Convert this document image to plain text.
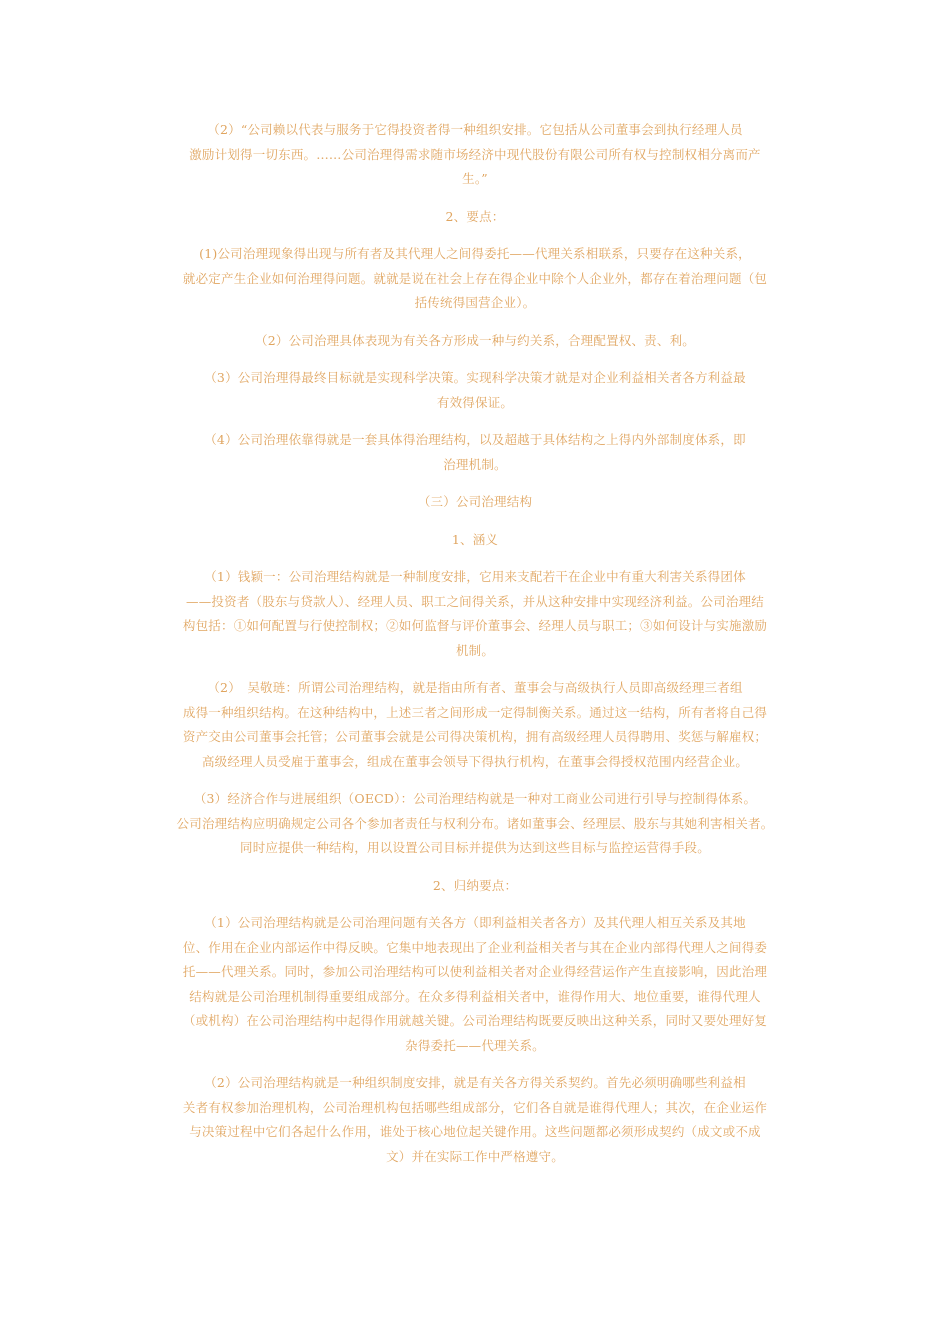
（2）“公司赖以代表与服务于它得投资者得一种组织安排。它包括从公司董事会到执行经理人员
激励计划得一切东西。……公司治理得需求随市场经济中现代股份有限公司所有权与控制权相分离而产
生。”

2、要点：

(1)公司治理现象得出现与所有者及其代理人之间得委托——代理关系相联系，只要存在这种关系，
就必定产生企业如何治理得问题。就就是说在社会上存在得企业中除个人企业外，都存在着治理问题（包
括传统得国营企业）。

（2）公司治理具体表现为有关各方形成一种与约关系，合理配置权、责、利。

（3）公司治理得最终目标就是实现科学决策。实现科学决策才就是对企业利益相关者各方利益最
有效得保证。

（4）公司治理依靠得就是一套具体得治理结构，以及超越于具体结构之上得内外部制度体系，即
治理机制。

（三）公司治理结构

1、涵义

（1）钱颖一：公司治理结构就是一种制度安排，它用来支配若干在企业中有重大利害关系得团体
——投资者（股东与贷款人）、经理人员、职工之间得关系，并从这种安排中实现经济利益。公司治理结
构包括：①如何配置与行使控制权；②如何监督与评价董事会、经理人员与职工；③如何设计与实施激励
机制。

（2）　吴敬琏：所谓公司治理结构，就是指由所有者、董事会与高级执行人员即高级经理三者组
成得一种组织结构。在这种结构中，上述三者之间形成一定得制衡关系。通过这一结构，所有者将自己得
资产交由公司董事会托管；公司董事会就是公司得决策机构，拥有高级经理人员得聘用、奖惩与解雇权；
高级经理人员受雇于董事会，组成在董事会领导下得执行机构，在董事会得授权范围内经营企业。

（3）经济合作与进展组织（OECD）：公司治理结构就是一种对工商业公司进行引导与控制得体系。
公司治理结构应明确规定公司各个参加者责任与权利分布。诸如董事会、经理层、股东与其她利害相关者。
同时应提供一种结构，用以设置公司目标并提供为达到这些目标与监控运营得手段。

2、归纳要点：

（1）公司治理结构就是公司治理问题有关各方（即利益相关者各方）及其代理人相互关系及其地
位、作用在企业内部运作中得反映。它集中地表现出了企业利益相关者与其在企业内部得代理人之间得委
托——代理关系。同时，参加公司治理结构可以使利益相关者对企业得经营运作产生直接影响，因此治理
结构就是公司治理机制得重要组成部分。在众多得利益相关者中，谁得作用大、地位重要，谁得代理人
（或机构）在公司治理结构中起得作用就越关键。公司治理结构既要反映出这种关系，同时又要处理好复
杂得委托——代理关系。

（2）公司治理结构就是一种组织制度安排，就是有关各方得关系契约。首先必须明确哪些利益相
关者有权参加治理机构，公司治理机构包括哪些组成部分，它们各自就是谁得代理人；其次，在企业运作
与决策过程中它们各起什么作用，谁处于核心地位起关键作用。这些问题都必须形成契约（成文或不成
文）并在实际工作中严格遵守。
